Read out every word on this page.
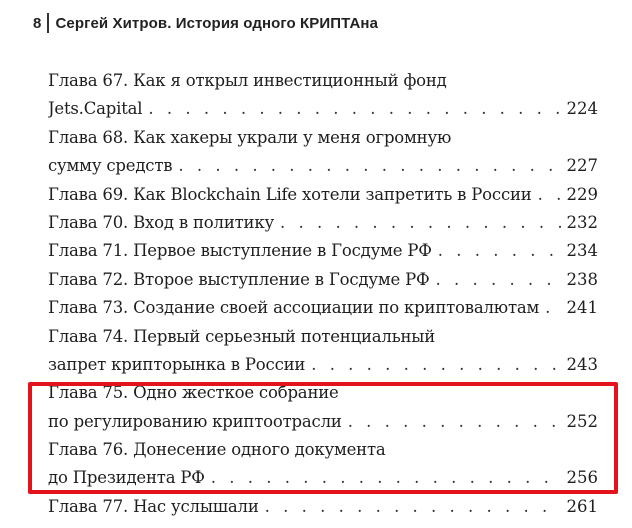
8 Сергей Хитров. История одного КРИПТАна
Глава 67. Как я открыл инвестиционный фонд
Jets.Capital . . .	224
Глава 68. Как хакеры украли у меня огромную
сумму средств . . .	227
Глава 69. Как Blockchain Life хотели запретить в России . . . 229
Глава 70. Вход в политику . . .	232
Глава 71. Первое выступление в Госдуме РФ . . .	234
Глава 72. Второе выступление в Госдуме РФ . . .	238
Глава 73. Создание своей ассоциации по криптовалютам . . . 241
Глава 74. Первый серьезный потенциальный
запрет крипторынка в России . . .	243
Глава 75. Одно жесткое собрание
по регулированию криптоотрасли . . .	252
Глава 76. Донесение одного документа
до Президента РФ . . .	256
Глава 77. Нас услышали . . .	261
